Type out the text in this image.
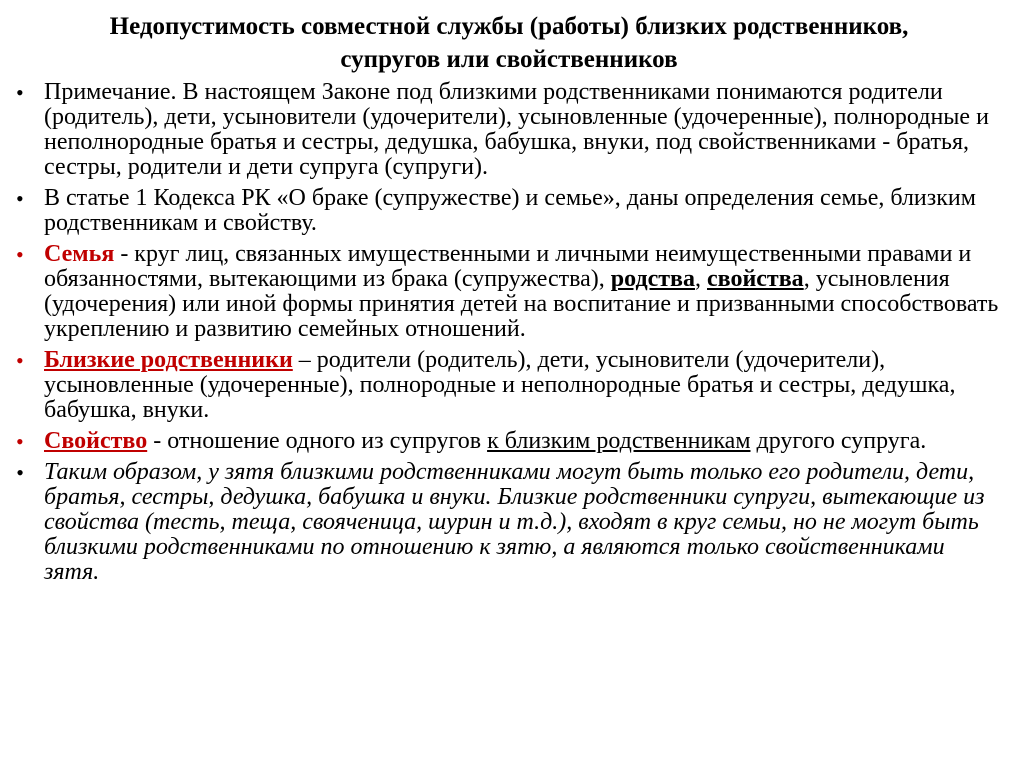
Недопустимость совместной службы (работы) близких родственников,
супругов или свойственников
• Примечание. В настоящем Законе под близкими родственниками понимаются родители (родитель), дети, усыновители (удочерители), усыновленные (удочеренные), полнородные и неполнородные братья и сестры, дедушка, бабушка, внуки, под свойственниками - братья, сестры, родители и дети супруга (супруги).
• В статье 1 Кодекса РК «О браке (супружестве) и семье», даны определения семье, близким родственникам и свойству.
• Семья - круг лиц, связанных имущественными и личными неимущественными правами и обязанностями, вытекающими из брака (супружества), родства, свойства, усыновления (удочерения) или иной формы принятия детей на воспитание и призванными способствовать укреплению и развитию семейных отношений.
• Близкие родственники – родители (родитель), дети, усыновители (удочерители), усыновленные (удочеренные), полнородные и неполнородные братья и сестры, дедушка, бабушка, внуки.
• Свойство - отношение одного из супругов к близким родственникам другого супруга.
• Таким образом, у зятя близкими родственниками могут быть только его родители, дети, братья, сестры, дедушка, бабушка и внуки. Близкие родственники супруги, вытекающие из свойства (тесть, теща, свояченица, шурин и т.д.), входят в круг семьи, но не могут быть близкими родственниками по отношению к зятю, а являются только свойственниками зятя.
